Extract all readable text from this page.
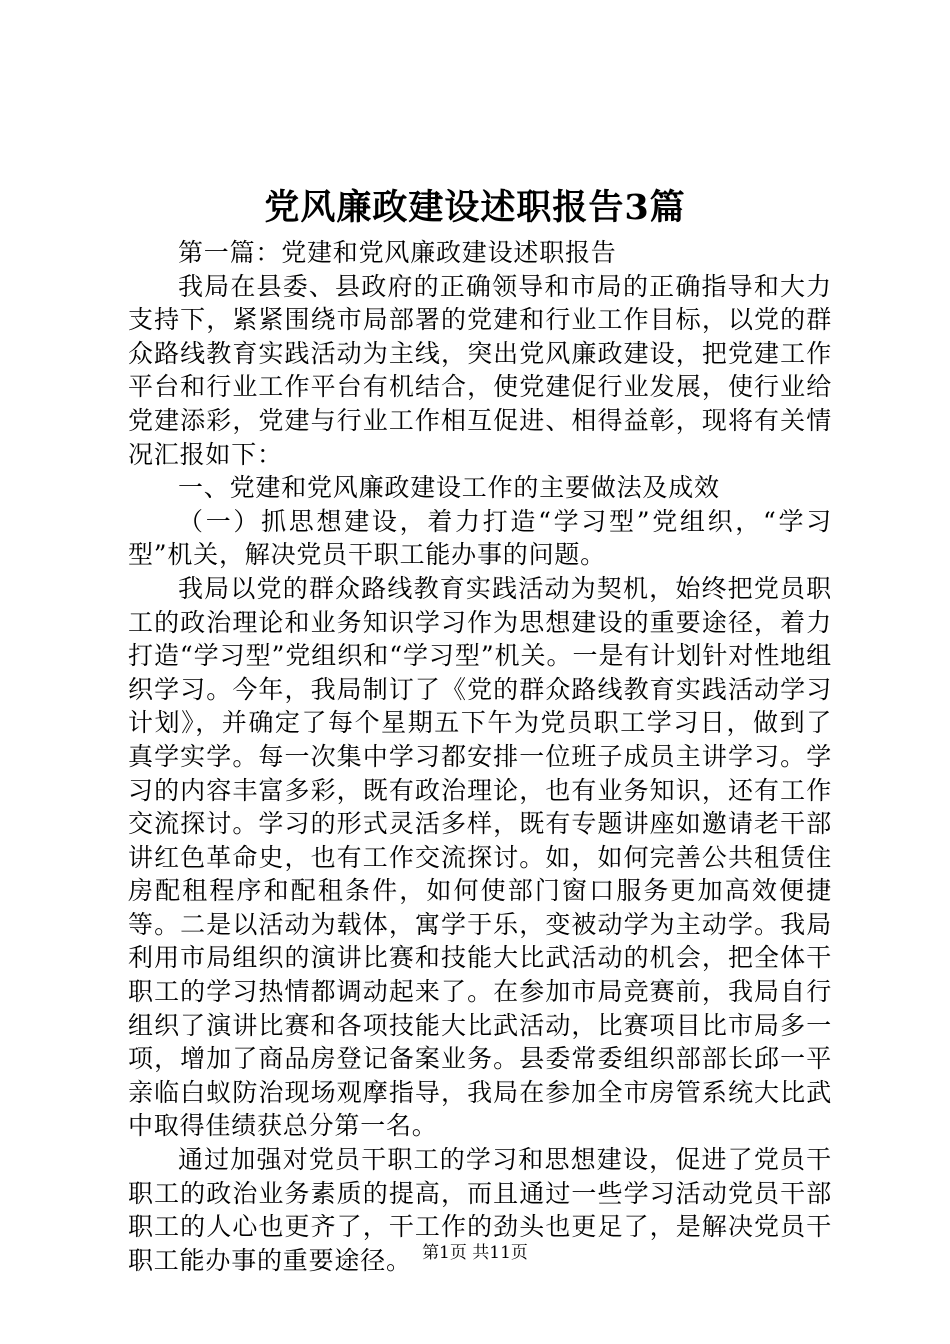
党风廉政建设述职报告3篇

第一篇：党建和党风廉政建设述职报告

我局在县委、县政府的正确领导和市局的正确指导和大力支持下，紧紧围绕市局部署的党建和行业工作目标，以党的群众路线教育实践活动为主线，突出党风廉政建设，把党建工作平台和行业工作平台有机结合，使党建促行业发展，使行业给党建添彩，党建与行业工作相互促进、相得益彰，现将有关情况汇报如下：

一、党建和党风廉政建设工作的主要做法及成效

（一）抓思想建设，着力打造“学习型”党组织，“学习型”机关，解决党员干职工能办事的问题。

我局以党的群众路线教育实践活动为契机，始终把党员职工的政治理论和业务知识学习作为思想建设的重要途径，着力打造“学习型”党组织和“学习型”机关。一是有计划针对性地组织学习。今年，我局制订了《党的群众路线教育实践活动学习计划》，并确定了每个星期五下午为党员职工学习日，做到了真学实学。每一次集中学习都安排一位班子成员主讲学习。学习的内容丰富多彩，既有政治理论，也有业务知识，还有工作交流探讨。学习的形式灵活多样，既有专题讲座如邀请老干部讲红色革命史，也有工作交流探讨。如，如何完善公共租赁住房配租程序和配租条件，如何使部门窗口服务更加高效便捷等。二是以活动为载体，寓学于乐，变被动学为主动学。我局利用市局组织的演讲比赛和技能大比武活动的机会，把全体干职工的学习热情都调动起来了。在参加市局竞赛前，我局自行组织了演讲比赛和各项技能大比武活动，比赛项目比市局多一项，增加了商品房登记备案业务。县委常委组织部部长邱一平亲临白蚁防治现场观摩指导，我局在参加全市房管系统大比武中取得佳绩获总分第一名。

通过加强对党员干职工的学习和思想建设，促进了党员干职工的政治业务素质的提高，而且通过一些学习活动党员干部职工的人心也更齐了，干工作的劲头也更足了，是解决党员干职工能办事的重要途径。 第1页 共11页
